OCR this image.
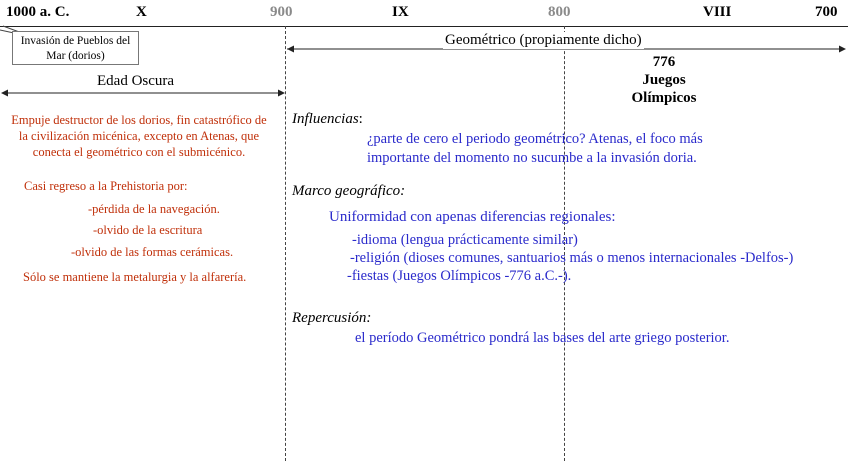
1000 a. C.	X	900	IX	800	VIII	700
Invasión de Pueblos del
Mar (dorios)
Geométrico (propiamente dicho)
Edad Oscura
776
Juegos
Olímpicos
Empuje destructor de los dorios, fin catastrófico de
la civilización micénica, excepto en Atenas, que
conecta el geométrico con el submicénico.
Casi regreso a la Prehistoria por:
-pérdida de la navegación.
-olvido de la escritura
-olvido de las formas cerámicas.
Sólo se mantiene la metalurgia y la alfarería.
Influencias:
¿parte de cero el periodo geométrico? Atenas, el foco más
importante del momento no sucumbe a la invasión doria.
Marco geográfico:
Uniformidad con apenas diferencias regionales:
-idioma (lengua prácticamente similar)
-religión (dioses comunes, santuarios más o menos internacionales -Delfos-)
-fiestas (Juegos Olímpicos -776 a.C.-).
Repercusión:
el período Geométrico pondrá las bases del arte griego posterior.
